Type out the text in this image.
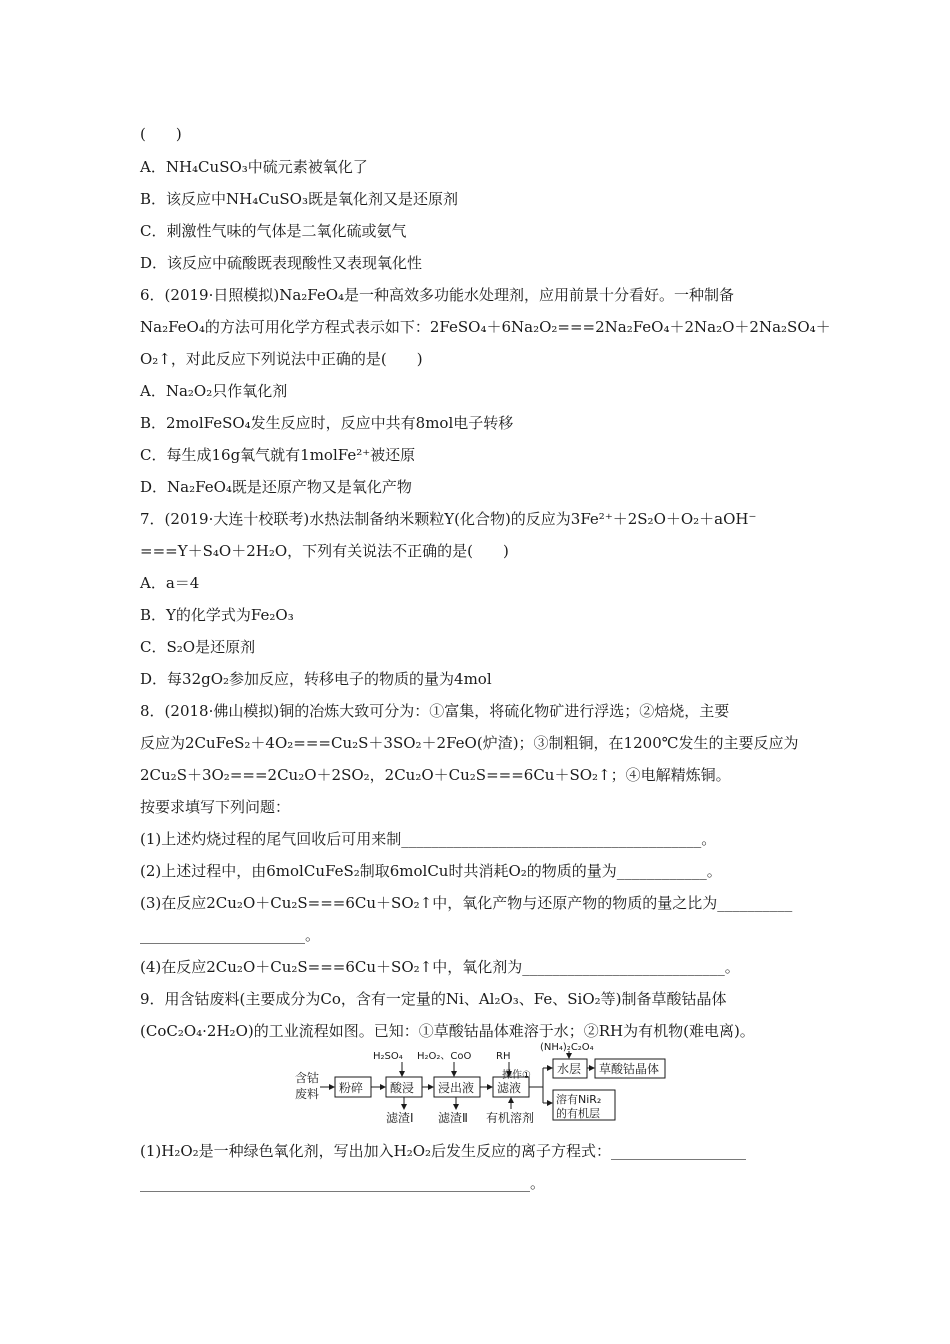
(　　)
A．NH₄CuSO₃中硫元素被氧化了
B．该反应中NH₄CuSO₃既是氧化剂又是还原剂
C．刺激性气味的气体是二氧化硫或氨气
D．该反应中硫酸既表现酸性又表现氧化性
6．(2019·日照模拟)Na₂FeO₄是一种高效多功能水处理剂，应用前景十分看好。一种制备
Na₂FeO₄的方法可用化学方程式表示如下：2FeSO₄＋6Na₂O₂===2Na₂FeO₄＋2Na₂O＋2Na₂SO₄＋
O₂↑，对此反应下列说法中正确的是(　　)
A．Na₂O₂只作氧化剂
B．2molFeSO₄发生反应时，反应中共有8mol电子转移
C．每生成16g氧气就有1molFe²⁺被还原
D．Na₂FeO₄既是还原产物又是氧化产物
7．(2019·大连十校联考)水热法制备纳米颗粒Y(化合物)的反应为3Fe²⁺＋2S₂O＋O₂＋aOH⁻
===Y＋S₄O＋2H₂O，下列有关说法不正确的是(　　)
A．a＝4
B．Y的化学式为Fe₂O₃
C．S₂O是还原剂
D．每32gO₂参加反应，转移电子的物质的量为4mol
8．(2018·佛山模拟)铜的冶炼大致可分为：①富集，将硫化物矿进行浮选；②焙烧，主要
反应为2CuFeS₂＋4O₂===Cu₂S＋3SO₂＋2FeO(炉渣)；③制粗铜，在1200℃发生的主要反应为
2Cu₂S＋3O₂===2Cu₂O＋2SO₂，2Cu₂O＋Cu₂S===6Cu＋SO₂↑；④电解精炼铜。
按要求填写下列问题：
(1)上述灼烧过程的尾气回收后可用来制________________________________________。
(2)上述过程中，由6molCuFeS₂制取6molCu时共消耗O₂的物质的量为____________。
(3)在反应2Cu₂O＋Cu₂S===6Cu＋SO₂↑中，氧化产物与还原产物的物质的量之比为__________
______________________。
(4)在反应2Cu₂O＋Cu₂S===6Cu＋SO₂↑中，氧化剂为___________________________。
9．用含钴废料(主要成分为Co，含有一定量的Ni、Al₂O₃、Fe、SiO₂等)制备草酸钴晶体
(CoC₂O₄·2H₂O)的工业流程如图。已知：①草酸钴晶体难溶于水；②RH为有机物(难电离)。
含钴
废料 粉碎
H₂SO₄
酸浸
滤渣Ⅰ
H₂O₂、CoO
浸出液
滤渣Ⅱ
RH
滤液
有机溶剂
操作①
(NH₄)₂C₂O₄
水层 草酸钴晶体
溶有NiR₂
的有机层
(1)H₂O₂是一种绿色氧化剂，写出加入H₂O₂后发生反应的离子方程式：__________________
____________________________________________________。
